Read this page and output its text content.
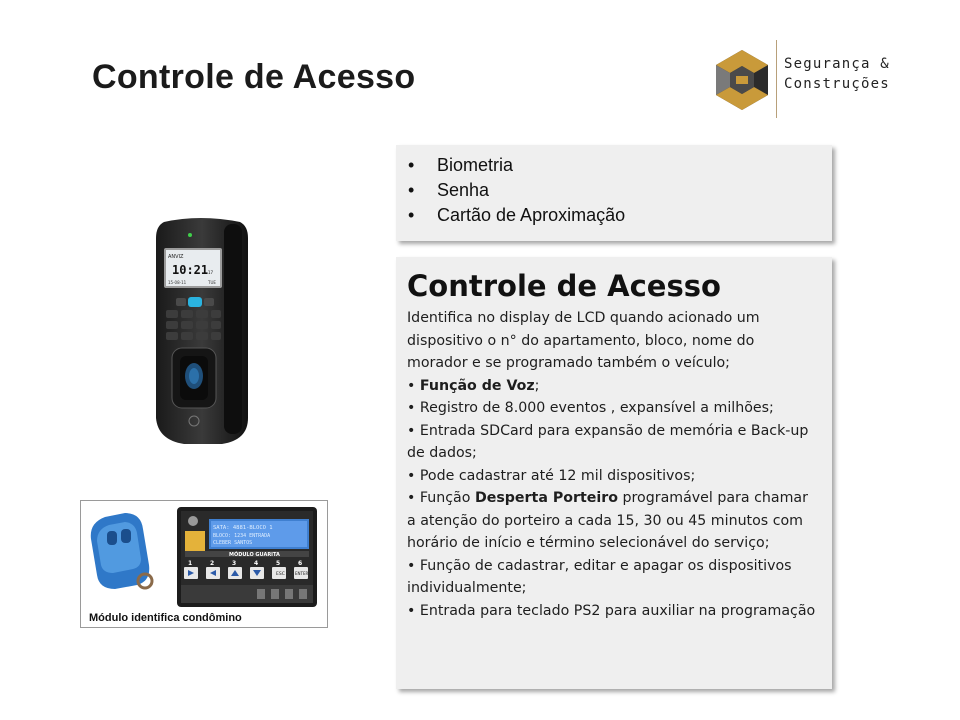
Controle de Acesso	Segurança &
Construções
• Biometria
• Senha
• Cartão de Aproximação
Controle de Acesso
Identifica no display de LCD quando acionado um dispositivo o n° do apartamento, bloco, nome do morador e se programado também o veículo;
• Função de Voz;
• Registro de 8.000 eventos , expansível a milhões;
• Entrada SDCard para expansão de memória e Back-up de dados;
• Pode cadastrar até 12 mil dispositivos;
• Função Desperta Porteiro programável para chamar a atenção do porteiro a cada 15, 30 ou 45 minutos com horário de início e término selecionável do serviço;
• Função de cadastrar, editar e apagar os dispositivos individualmente;
• Entrada para teclado PS2 para auxiliar na programação
ANVIZ
10:21 17
15-08-11	TUE
SATA: 4881-BLOCO 1
BLOCO: 1234 ENTRADA
CLEBER SANTOS
MÓDULO GUARITA
1	2	3	4	5	6
ESC	ENTER
Módulo identifica condômino
